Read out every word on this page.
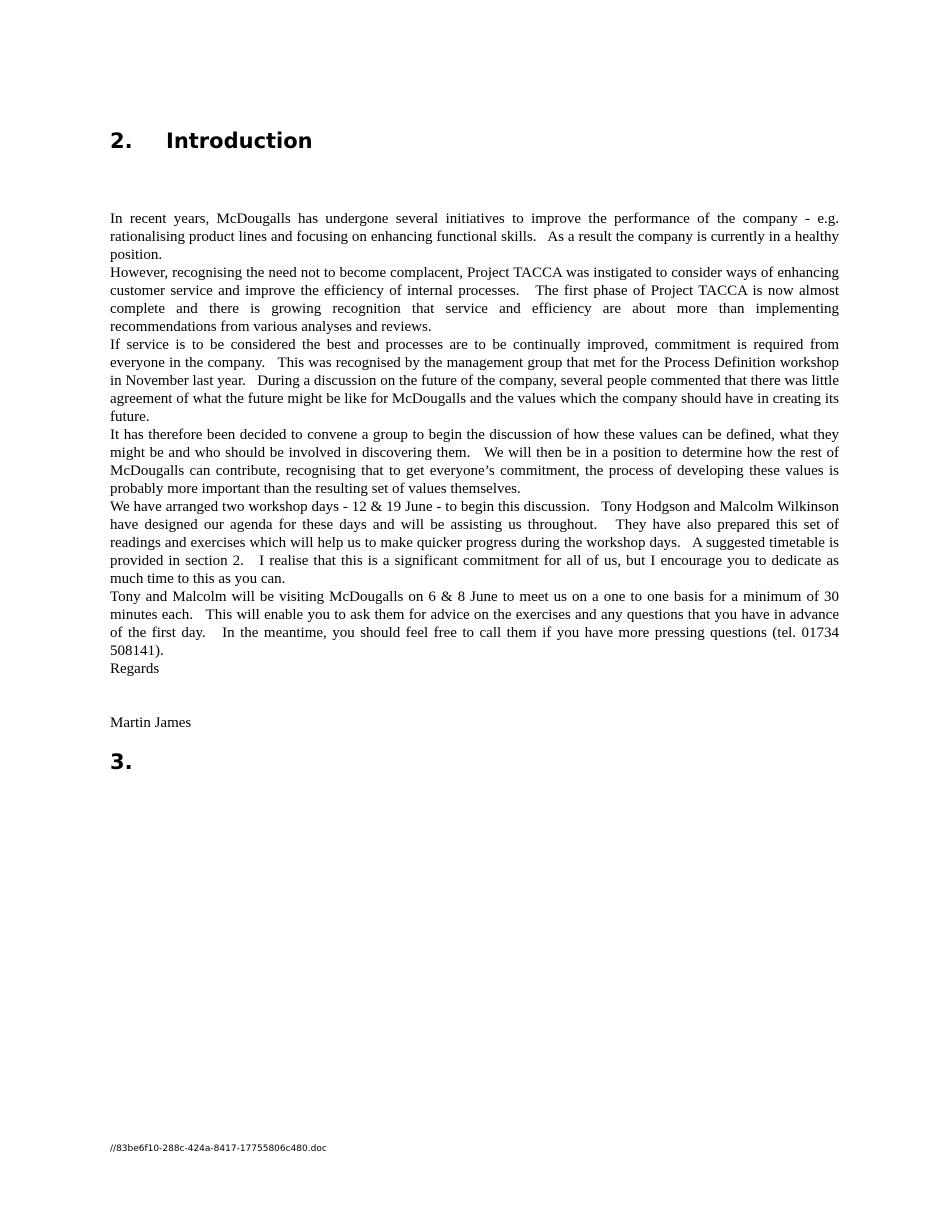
2. Introduction

In recent years, McDougalls has undergone several initiatives to improve the performance of the company - e.g. rationalising product lines and focusing on enhancing functional skills.   As a result the company is currently in a healthy position.

However, recognising the need not to become complacent, Project TACCA was instigated to consider ways of enhancing customer service and improve the efficiency of internal processes.   The first phase of Project TACCA is now almost complete and there is growing recognition that service and efficiency are about more than implementing recommendations from various analyses and reviews.

If service is to be considered the best and processes are to be continually improved, commitment is required from everyone in the company.   This was recognised by the management group that met for the Process Definition workshop in November last year.   During a discussion on the future of the company, several people commented that there was little agreement of what the future might be like for McDougalls and the values which the company should have in creating its future.

It has therefore been decided to convene a group to begin the discussion of how these values can be defined, what they might be and who should be involved in discovering them.   We will then be in a position to determine how the rest of McDougalls can contribute, recognising that to get everyone’s commitment, the process of developing these values is probably more important than the resulting set of values themselves.

We have arranged two workshop days - 12 & 19 June - to begin this discussion.   Tony Hodgson and Malcolm Wilkinson have designed our agenda for these days and will be assisting us throughout.   They have also prepared this set of readings and exercises which will help us to make quicker progress during the workshop days.   A suggested timetable is provided in section 2.   I realise that this is a significant commitment for all of us, but I encourage you to dedicate as much time to this as you can.

Tony and Malcolm will be visiting McDougalls on 6 & 8 June to meet us on a one to one basis for a minimum of 30 minutes each.   This will enable you to ask them for advice on the exercises and any questions that you have in advance of the first day.   In the meantime, you should feel free to call them if you have more pressing questions (tel. 01734 508141).

Regards

Martin James

3.
//83be6f10-288c-424a-8417-17755806c480.doc
